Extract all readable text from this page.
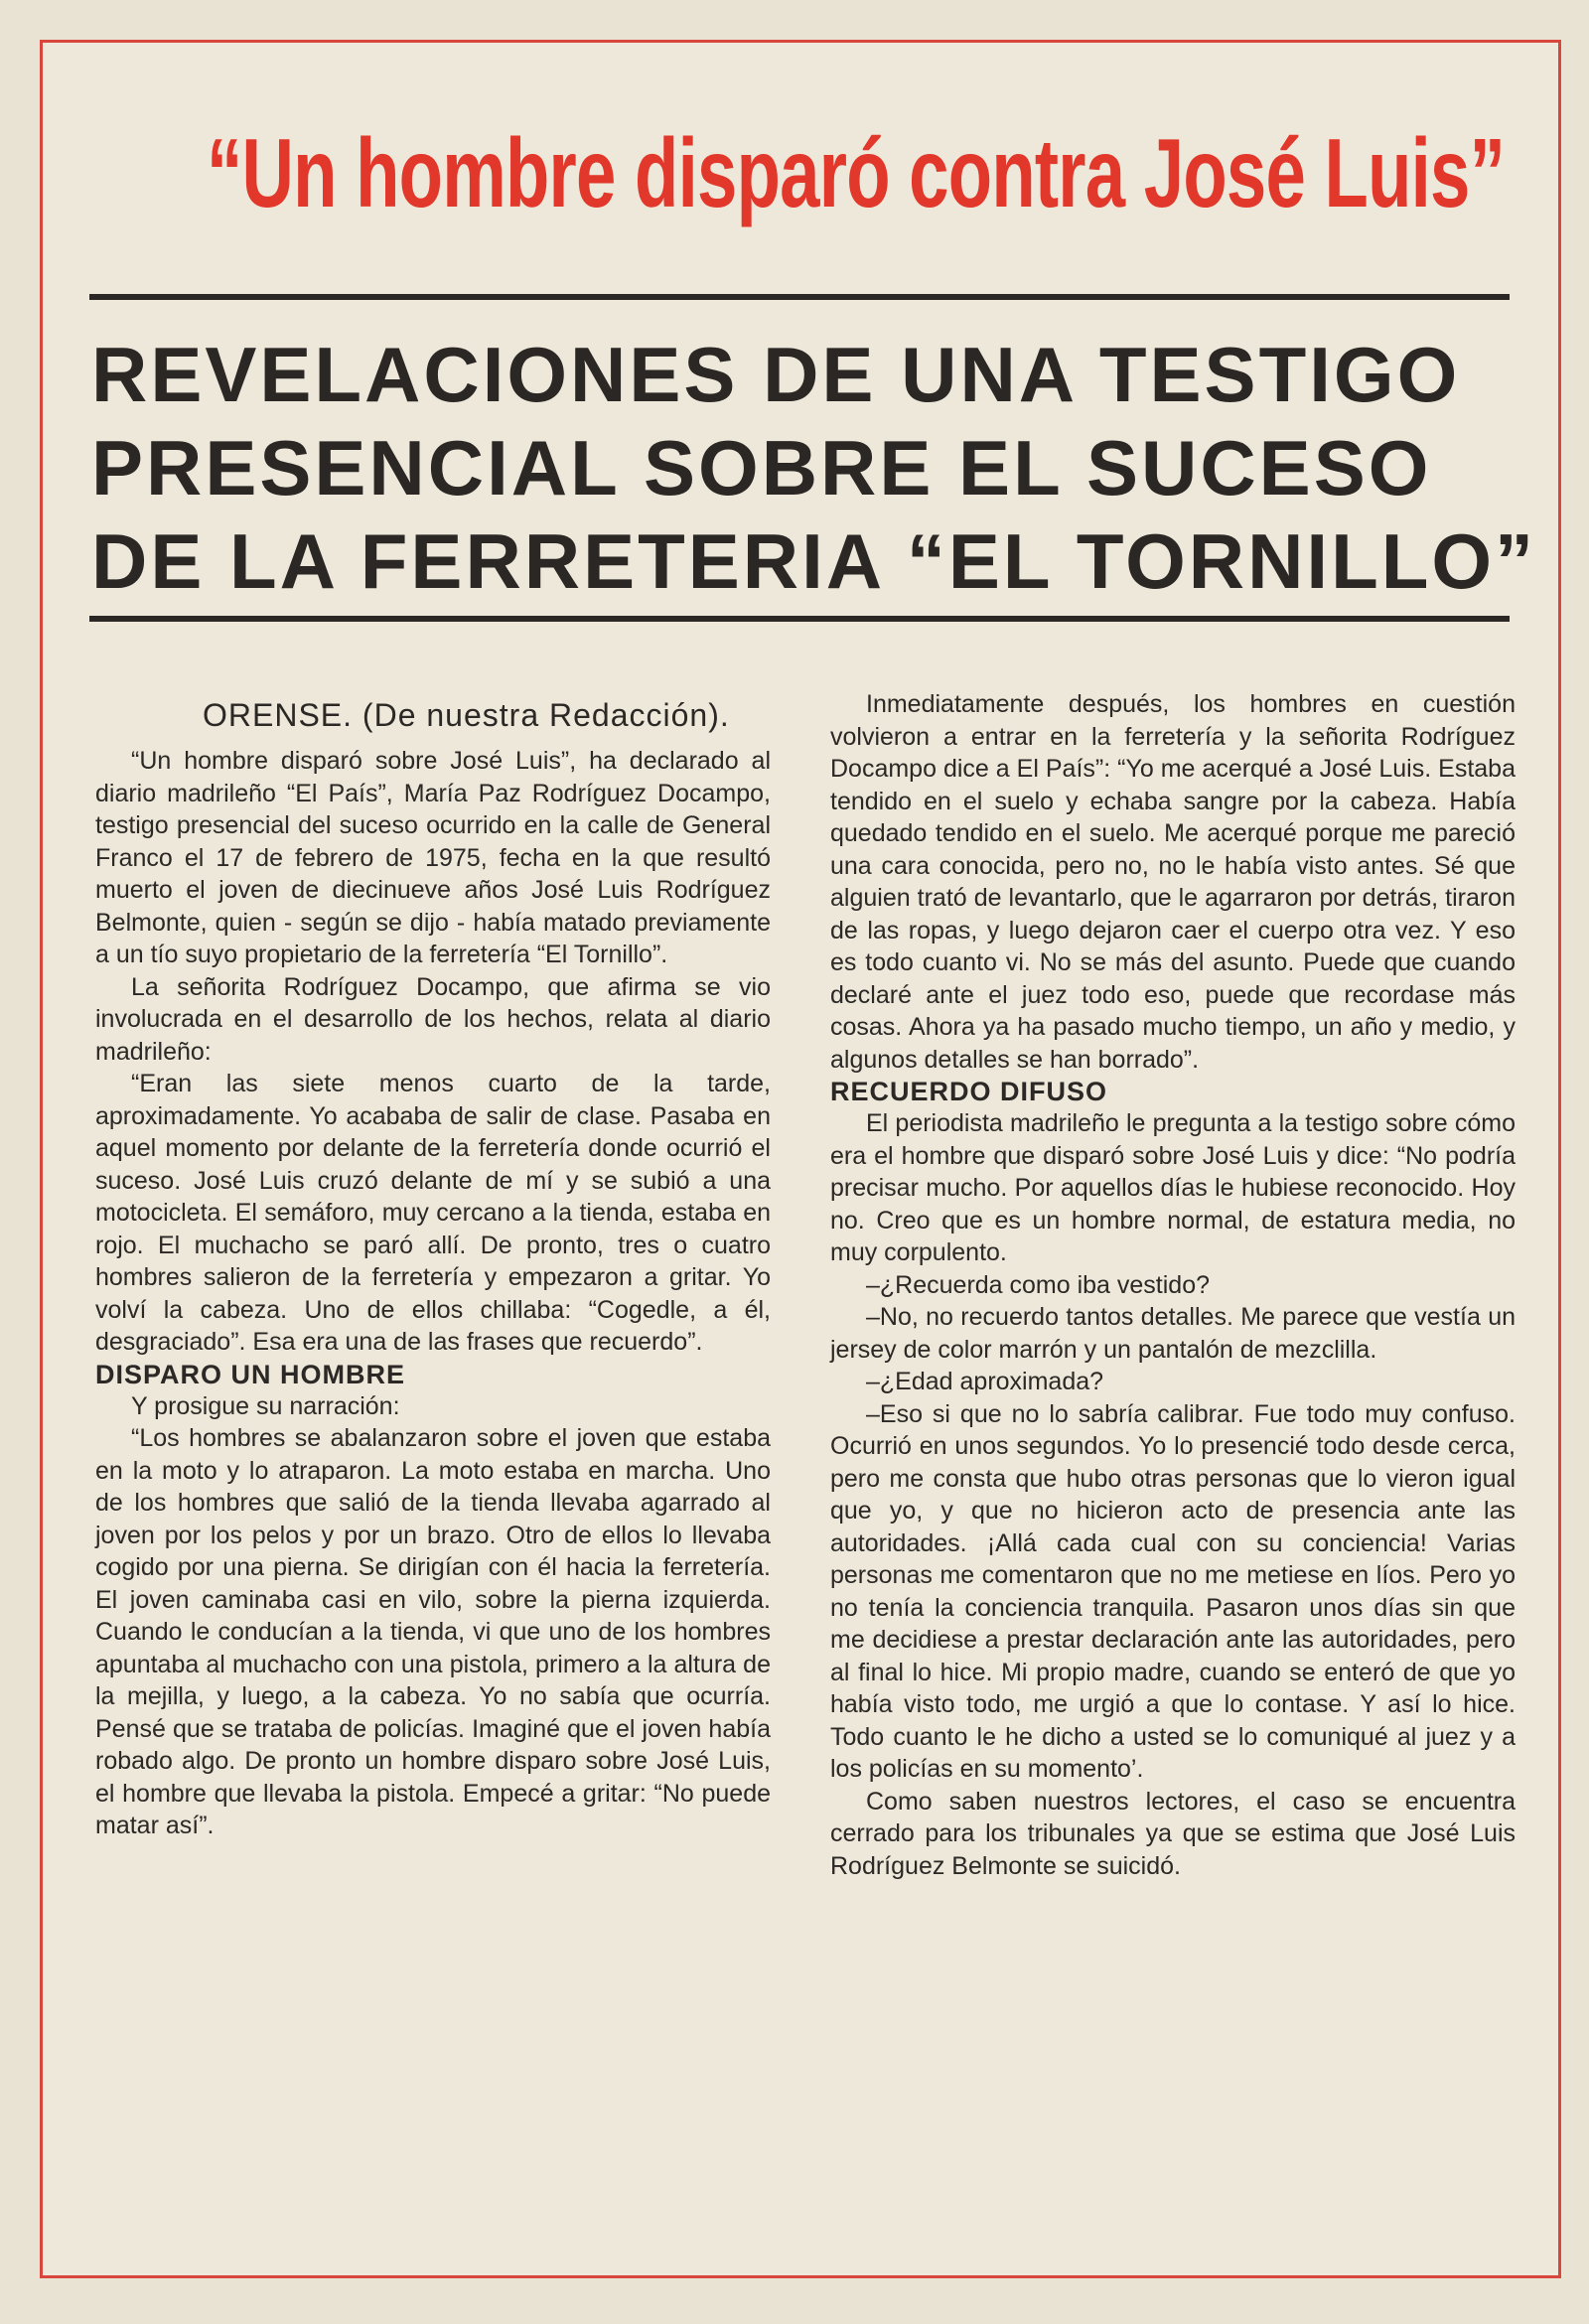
“Un hombre disparó contra José Luis”
REVELACIONES DE UNA TESTIGO
PRESENCIAL SOBRE EL SUCESO
DE LA FERRETERIA “EL TORNILLO”

ORENSE. (De nuestra Redacción).

“Un hombre disparó sobre José Luis”, ha declarado al diario madrileño “El País”, María Paz Rodríguez Docampo, testigo presencial del suceso ocurrido en la calle de General Franco el 17 de febrero de 1975, fecha en la que resultó muerto el joven de diecinueve años José Luis Rodríguez Belmonte, quien - según se dijo - había matado previamente a un tío suyo propietario de la ferretería “El Tornillo”.

La señorita Rodríguez Docampo, que afirma se vio involucrada en el desarrollo de los hechos, relata al diario madrileño:

“Eran las siete menos cuarto de la tarde, aproximadamente. Yo acababa de salir de clase. Pasaba en aquel momento por delante de la ferretería donde ocurrió el suceso. José Luis cruzó delante de mí y se subió a una motocicleta. El semáforo, muy cercano a la tienda, estaba en rojo. El muchacho se paró allí. De pronto, tres o cuatro hombres salieron de la ferretería y empezaron a gritar. Yo volví la cabeza. Uno de ellos chillaba: “Cogedle, a él, desgraciado”. Esa era una de las frases que recuerdo”.

DISPARO UN HOMBRE

Y prosigue su narración:

“Los hombres se abalanzaron sobre el joven que estaba en la moto y lo atraparon. La moto estaba en marcha. Uno de los hombres que salió de la tienda llevaba agarrado al joven por los pelos y por un brazo. Otro de ellos lo llevaba cogido por una pierna. Se dirigían con él hacia la ferretería. El joven caminaba casi en vilo, sobre la pierna izquierda. Cuando le conducían a la tienda, vi que uno de los hombres apuntaba al muchacho con una pistola, primero a la altura de la mejilla, y luego, a la cabeza. Yo no sabía que ocurría. Pensé que se trataba de policías. Imaginé que el joven había robado algo. De pronto un hombre disparo sobre José Luis, el hombre que llevaba la pistola. Empecé a gritar: “No puede matar así”.

Inmediatamente después, los hombres en cuestión volvieron a entrar en la ferretería y la señorita Rodríguez Docampo dice a El País”: “Yo me acerqué a José Luis. Estaba tendido en el suelo y echaba sangre por la cabeza. Había quedado tendido en el suelo. Me acerqué porque me pareció una cara conocida, pero no, no le había visto antes. Sé que alguien trató de levantarlo, que le agarraron por detrás, tiraron de las ropas, y luego dejaron caer el cuerpo otra vez. Y eso es todo cuanto vi. No se más del asunto. Puede que cuando declaré ante el juez todo eso, puede que recordase más cosas. Ahora ya ha pasado mucho tiempo, un año y medio, y algunos detalles se han borrado”.

RECUERDO DIFUSO

El periodista madrileño le pregunta a la testigo sobre cómo era el hombre que disparó sobre José Luis y dice: “No podría precisar mucho. Por aquellos días le hubiese reconocido. Hoy no. Creo que es un hombre normal, de estatura media, no muy corpulento.

–¿Recuerda como iba vestido?

–No, no recuerdo tantos detalles. Me parece que vestía un jersey de color marrón y un pantalón de mezclilla.

–¿Edad aproximada?

–Eso si que no lo sabría calibrar. Fue todo muy confuso. Ocurrió en unos segundos. Yo lo presencié todo desde cerca, pero me consta que hubo otras personas que lo vieron igual que yo, y que no hicieron acto de presencia ante las autoridades. ¡Allá cada cual con su conciencia! Varias personas me comentaron que no me metiese en líos. Pero yo no tenía la conciencia tranquila. Pasaron unos días sin que me decidiese a prestar declaración ante las autoridades, pero al final lo hice. Mi propio madre, cuando se enteró de que yo había visto todo, me urgió a que lo contase. Y así lo hice. Todo cuanto le he dicho a usted se lo comuniqué al juez y a los policías en su momento’.

Como saben nuestros lectores, el caso se encuentra cerrado para los tribunales ya que se estima que José Luis Rodríguez Belmonte se suicidó.
